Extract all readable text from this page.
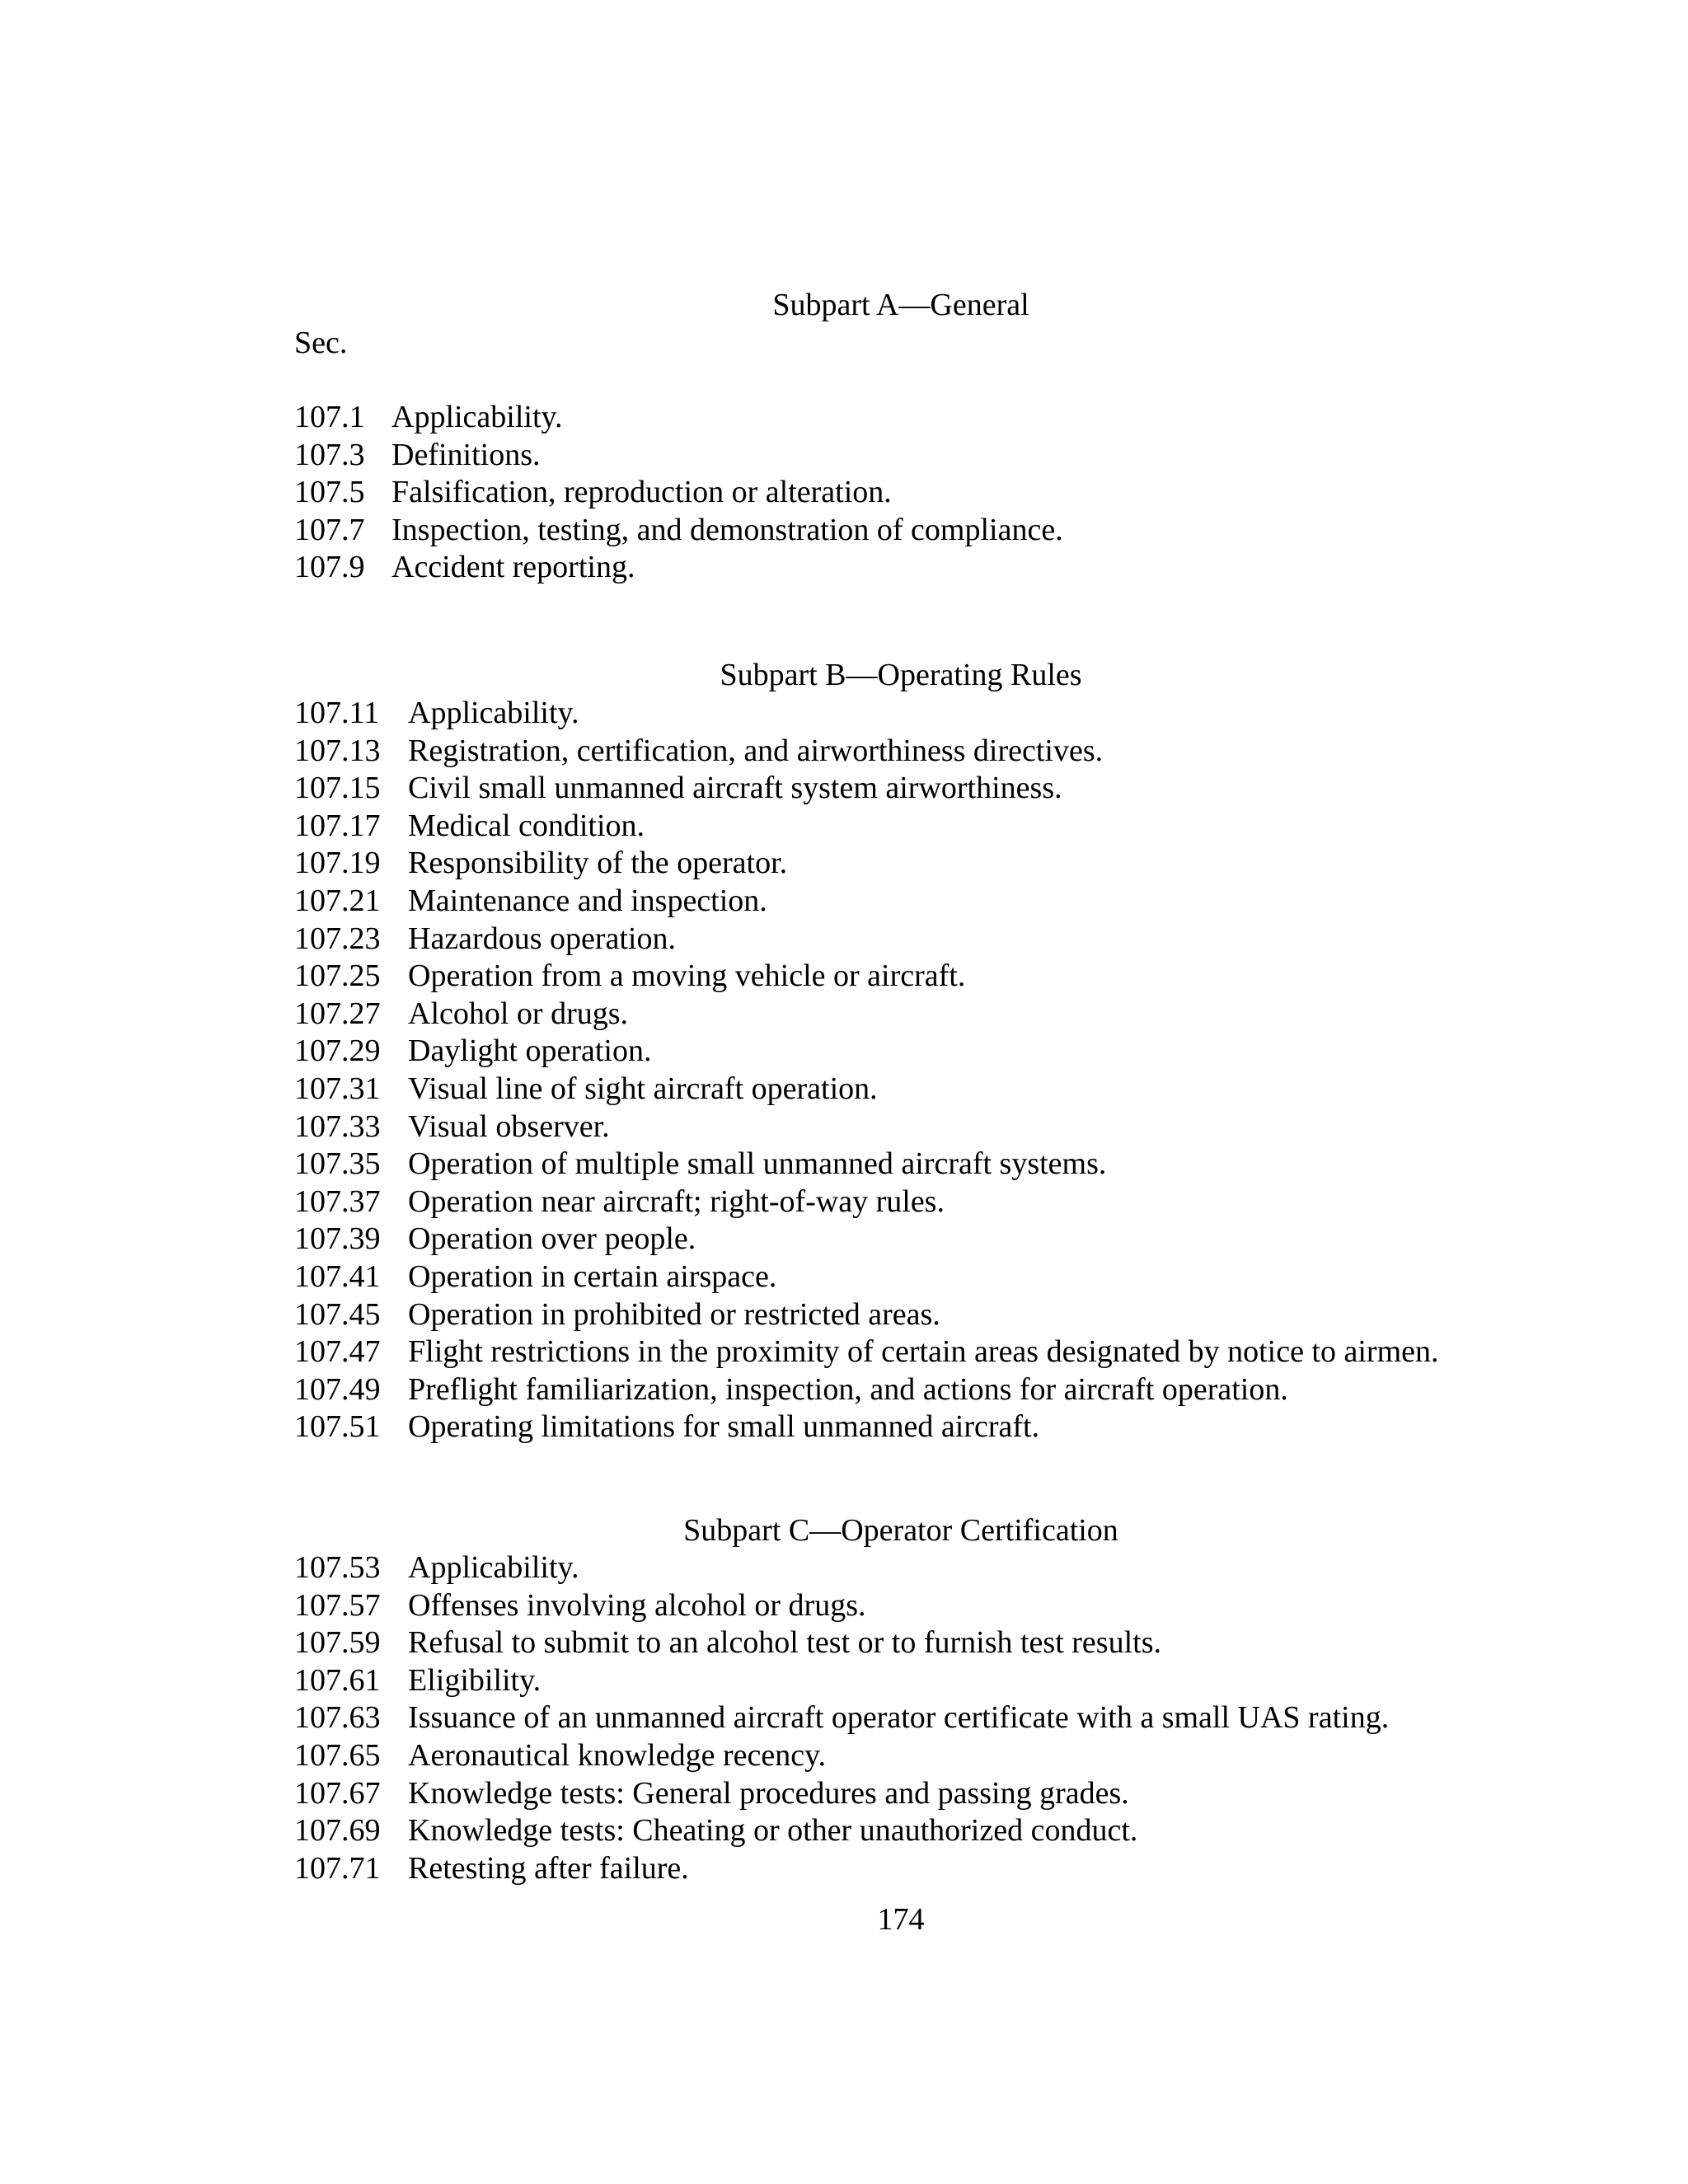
Subpart A—General
Sec.
107.1 Applicability.
107.3 Definitions.
107.5 Falsification, reproduction or alteration.
107.7 Inspection, testing, and demonstration of compliance.
107.9 Accident reporting.
Subpart B—Operating Rules
107.11 Applicability.
107.13 Registration, certification, and airworthiness directives.
107.15 Civil small unmanned aircraft system airworthiness.
107.17 Medical condition.
107.19 Responsibility of the operator.
107.21 Maintenance and inspection.
107.23 Hazardous operation.
107.25 Operation from a moving vehicle or aircraft.
107.27 Alcohol or drugs.
107.29 Daylight operation.
107.31 Visual line of sight aircraft operation.
107.33 Visual observer.
107.35 Operation of multiple small unmanned aircraft systems.
107.37 Operation near aircraft; right-of-way rules.
107.39 Operation over people.
107.41 Operation in certain airspace.
107.45 Operation in prohibited or restricted areas.
107.47 Flight restrictions in the proximity of certain areas designated by notice to airmen.
107.49 Preflight familiarization, inspection, and actions for aircraft operation.
107.51 Operating limitations for small unmanned aircraft.
Subpart C—Operator Certification
107.53 Applicability.
107.57 Offenses involving alcohol or drugs.
107.59 Refusal to submit to an alcohol test or to furnish test results.
107.61 Eligibility.
107.63 Issuance of an unmanned aircraft operator certificate with a small UAS rating.
107.65 Aeronautical knowledge recency.
107.67 Knowledge tests: General procedures and passing grades.
107.69 Knowledge tests: Cheating or other unauthorized conduct.
107.71 Retesting after failure.
174
